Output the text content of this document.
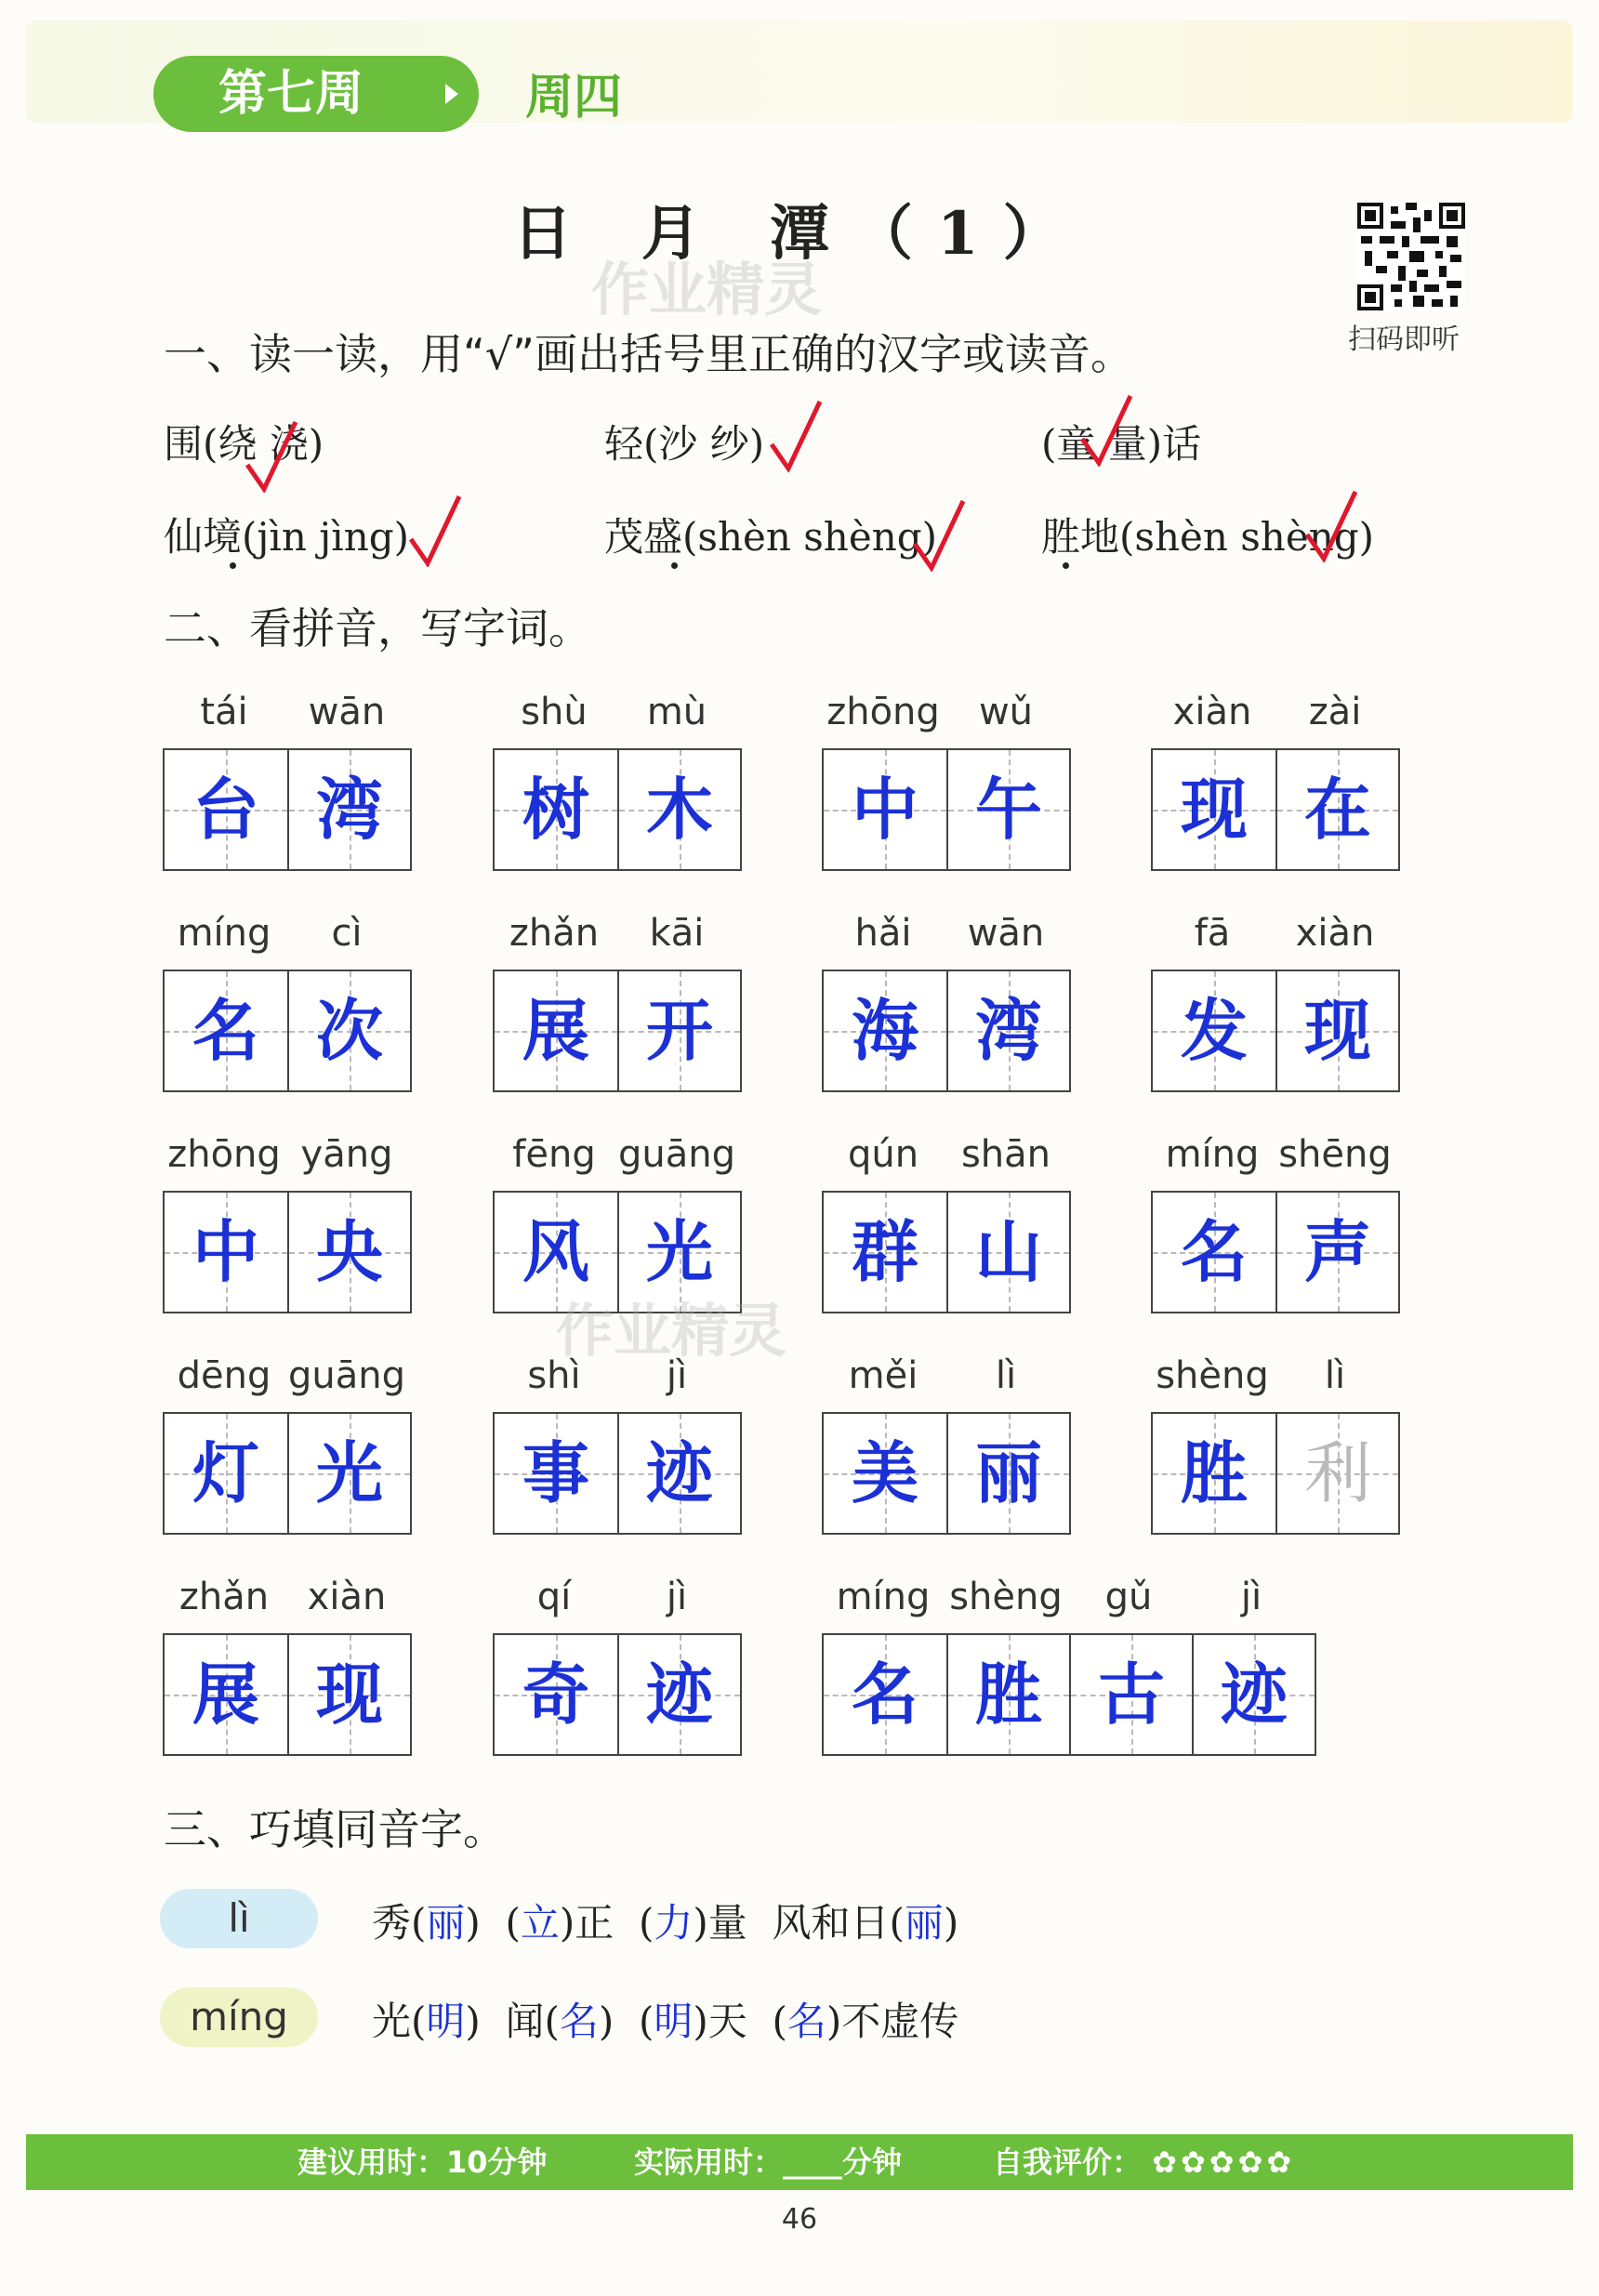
第七周	周四
日 月 潭（1）
作业精灵
扫码即听
一、读一读，用“√”画出括号里正确的汉字或读音。
围(绕 浇)	轻(沙 纱)	(童 量)话
仙境(jìn jìng)	茂盛(shèn shèng)	胜地(shèn shèng)
二、看拼音，写字词。
tái	wān
台 湾
shù	mù
树 木
zhōng	wǔ
中 午
xiàn	zài
现 在
míng	cì
名 次
zhǎn	kāi
展 开
hǎi	wān
海 湾
fā	xiàn
发 现
zhōng yāng
中 央
fēng guāng
风 光
qún	shān
群 山
míng shēng
名 声
dēng guāng
灯 光
shì	jì
事 迹
měi	lì
美 丽
shèng	lì
胜 利
zhǎn	xiàn
展 现
qí	jì
奇 迹
míng shèng	gǔ	jì
名 胜 古 迹
作业精灵
三、巧填同音字。
lì	秀(丽)  (立)正  (力)量  风和日(丽)
míng	光(明)  闻(名)  (明)天  (名)不虚传
建议用时：10分钟	实际用时：____分钟	自我评价： ✿✿✿✿✿
46
